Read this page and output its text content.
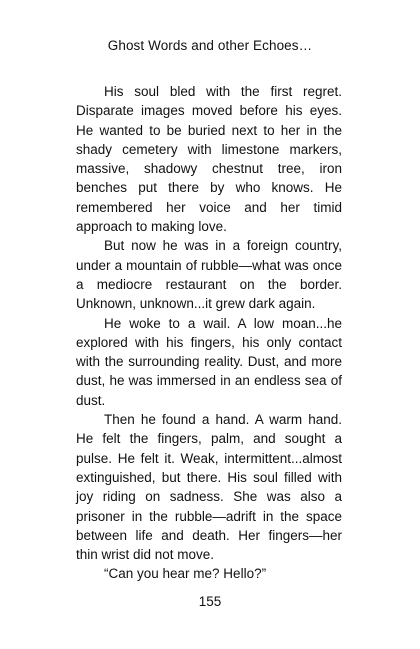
Ghost Words and other Echoes…

His soul bled with the first regret. Disparate images moved before his eyes. He wanted to be buried next to her in the shady cemetery with limestone markers, massive, shadowy chestnut tree, iron benches put there by who knows. He remembered her voice and her timid approach to making love.

But now he was in a foreign country, under a mountain of rubble—what was once a mediocre restaurant on the border. Unknown, unknown...it grew dark again.

He woke to a wail. A low moan...he explored with his fingers, his only contact with the surrounding reality. Dust, and more dust, he was immersed in an endless sea of dust.

Then he found a hand. A warm hand. He felt the fingers, palm, and sought a pulse. He felt it. Weak, intermittent...almost extinguished, but there. His soul filled with joy riding on sadness. She was also a prisoner in the rubble—adrift in the space between life and death. Her fingers—her thin wrist did not move.

“Can you hear me? Hello?”

155
